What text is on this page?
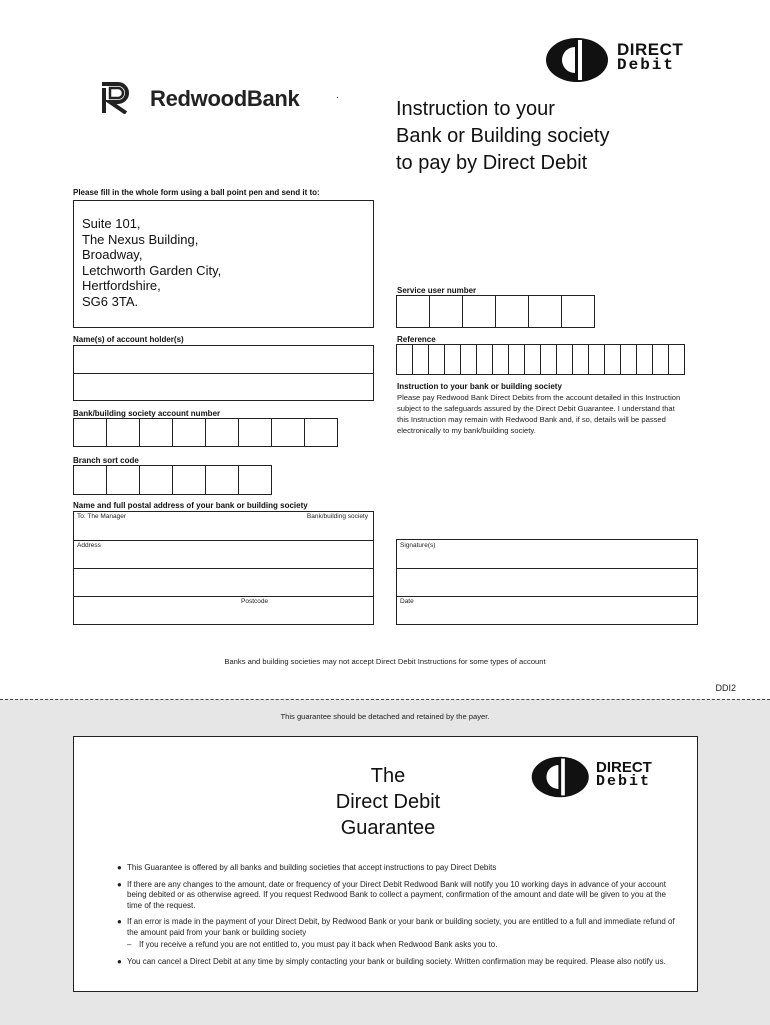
DIRECT
Debit
RedwoodBank	.
Instruction to your
Bank or Building society
to pay by Direct Debit
Please fill in the whole form using a ball point pen and send it to:
Suite 101,
The Nexus Building,
Broadway,
Letchworth Garden City,
Hertfordshire,
SG6 3TA.
Service user number
Name(s) of account holder(s)	Reference
Instruction to your bank or building society
Please pay Redwood Bank Direct Debits from the account detailed in this Instruction subject to the safeguards assured by the Direct Debit Guarantee. I understand that this Instruction may remain with Redwood Bank and, if so, details will be passed electronically to my bank/building society.
Bank/building society account number
Branch sort code
Name and full postal address of your bank or building society
To: The Manager	Bank/building society
Address
Postcode
Signature(s)
Date
Banks and building societies may not accept Direct Debit Instructions for some types of account
DDI2
This guarantee should be detached and retained by the payer.
The
Direct Debit
Guarantee
DIRECT
Debit
● This Guarantee is offered by all banks and building societies that accept instructions to pay Direct Debits
● If there are any changes to the amount, date or frequency of your Direct Debit Redwood Bank will notify you 10 working days in advance of your account being debited or as otherwise agreed. If you request Redwood Bank to collect a payment, confirmation of the amount and date will be given to you at the time of the request.
● If an error is made in the payment of your Direct Debit, by Redwood Bank or your bank or building society, you are entitled to a full and immediate refund of the amount paid from your bank or building society
– If you receive a refund you are not entitled to, you must pay it back when Redwood Bank asks you to.
● You can cancel a Direct Debit at any time by simply contacting your bank or building society. Written confirmation may be required. Please also notify us.
